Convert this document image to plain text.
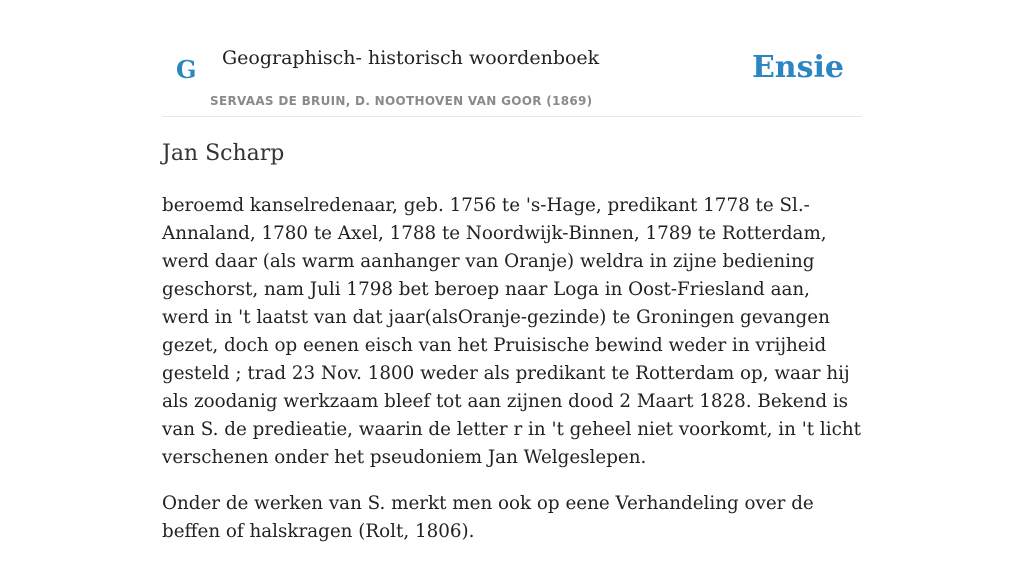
G Geographisch- historisch woordenboek
SERVAAS DE BRUIN, D. NOOTHOVEN VAN GOOR (1869)
Ensie
Jan Scharp

beroemd kanselredenaar, geb. 1756 te 's-Hage, predikant 1778 te Sl.-Annaland, 1780 te Axel, 1788 te Noordwijk-Binnen, 1789 te Rotterdam, werd daar (als warm aanhanger van Oranje) weldra in zijne bediening geschorst, nam Juli 1798 bet beroep naar Loga in Oost-Friesland aan, werd in 't laatst van dat jaar(alsOranje-gezinde) te Groningen gevangen gezet, doch op eenen eisch van het Pruisische bewind weder in vrijheid gesteld ; trad 23 Nov. 1800 weder als predikant te Rotterdam op, waar hij als zoodanig werkzaam bleef tot aan zijnen dood 2 Maart 1828. Bekend is van S. de predieatie, waarin de letter r in 't geheel niet voorkomt, in 't licht verschenen onder het pseudoniem Jan Welgeslepen.

Onder de werken van S. merkt men ook op eene Verhandeling over de beffen of halskragen (Rolt, 1806).
